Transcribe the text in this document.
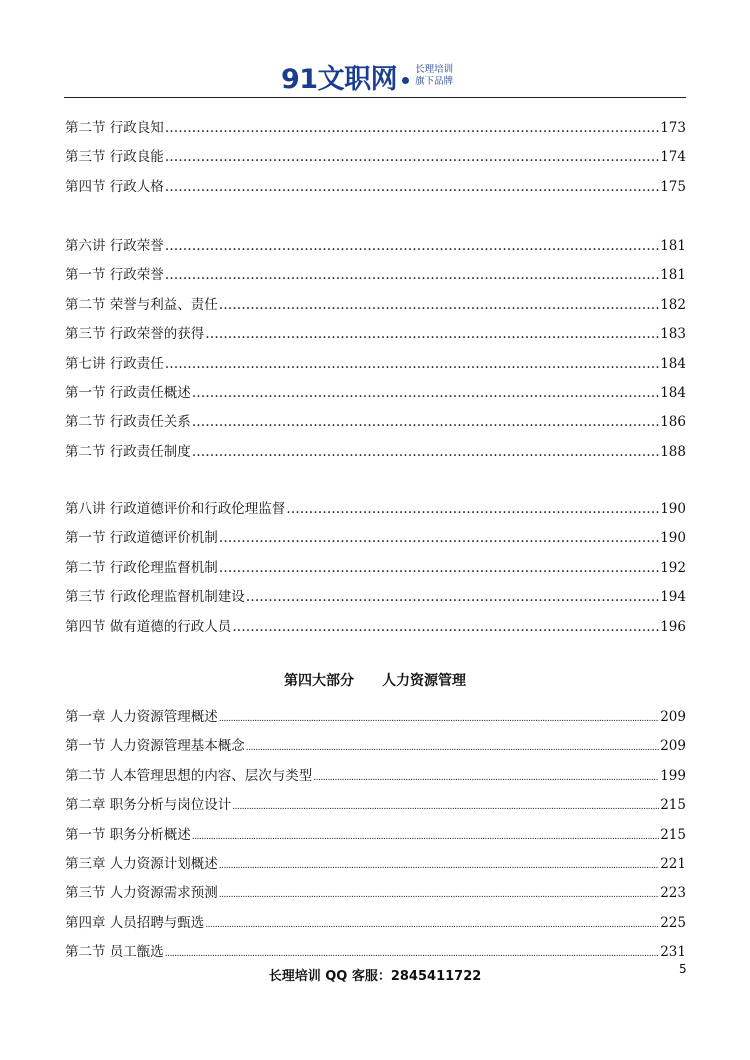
91文职网 长理培训
旗下品牌
第二节 行政良知 ……………………………………………………………………………………………………………………………………………………………………………………………………	173
第三节 行政良能 ……………………………………………………………………………………………………………………………………………………………………………………………………	174
第四节 行政人格 ……………………………………………………………………………………………………………………………………………………………………………………………………	175
第六讲 行政荣誉 ……………………………………………………………………………………………………………………………………………………………………………………………………	181
第一节 行政荣誉 ……………………………………………………………………………………………………………………………………………………………………………………………………	181
第二节 荣誉与利益、责任 ……………………………………………………………………………………………………………………………………………………………………………………………………	182
第三节 行政荣誉的获得 ……………………………………………………………………………………………………………………………………………………………………………………………………	183
第七讲 行政责任 ……………………………………………………………………………………………………………………………………………………………………………………………………	184
第一节 行政责任概述 ……………………………………………………………………………………………………………………………………………………………………………………………………	184
第二节 行政责任关系 ……………………………………………………………………………………………………………………………………………………………………………………………………	186
第二节 行政责任制度 ……………………………………………………………………………………………………………………………………………………………………………………………………	188
第八讲 行政道德评价和行政伦理监督 ……………………………………………………………………………………………………………………………………………………………………………………………………	190
第一节 行政道德评价机制 ……………………………………………………………………………………………………………………………………………………………………………………………………	190
第二节 行政伦理监督机制 ……………………………………………………………………………………………………………………………………………………………………………………………………	192
第三节 行政伦理监督机制建设 ……………………………………………………………………………………………………………………………………………………………………………………………………	194
第四节 做有道德的行政人员 ……………………………………………………………………………………………………………………………………………………………………………………………………	196
第一章 人力资源管理概述 .....	209
第一节 人力资源管理基本概念 .....	209
第二节 人本管理思想的内容、层次与类型 .....	199
第二章 职务分析与岗位设计 .....	215
第一节 职务分析概述 .....	215
第三章 人力资源计划概述 .....	221
第三节 人力资源需求预测 .....	223
第四章 人员招聘与甄选 .....	225
第二节 员工甑选 .....	231
第四大部分 人力资源管理
长理培训 QQ 客服：2845411722	5
